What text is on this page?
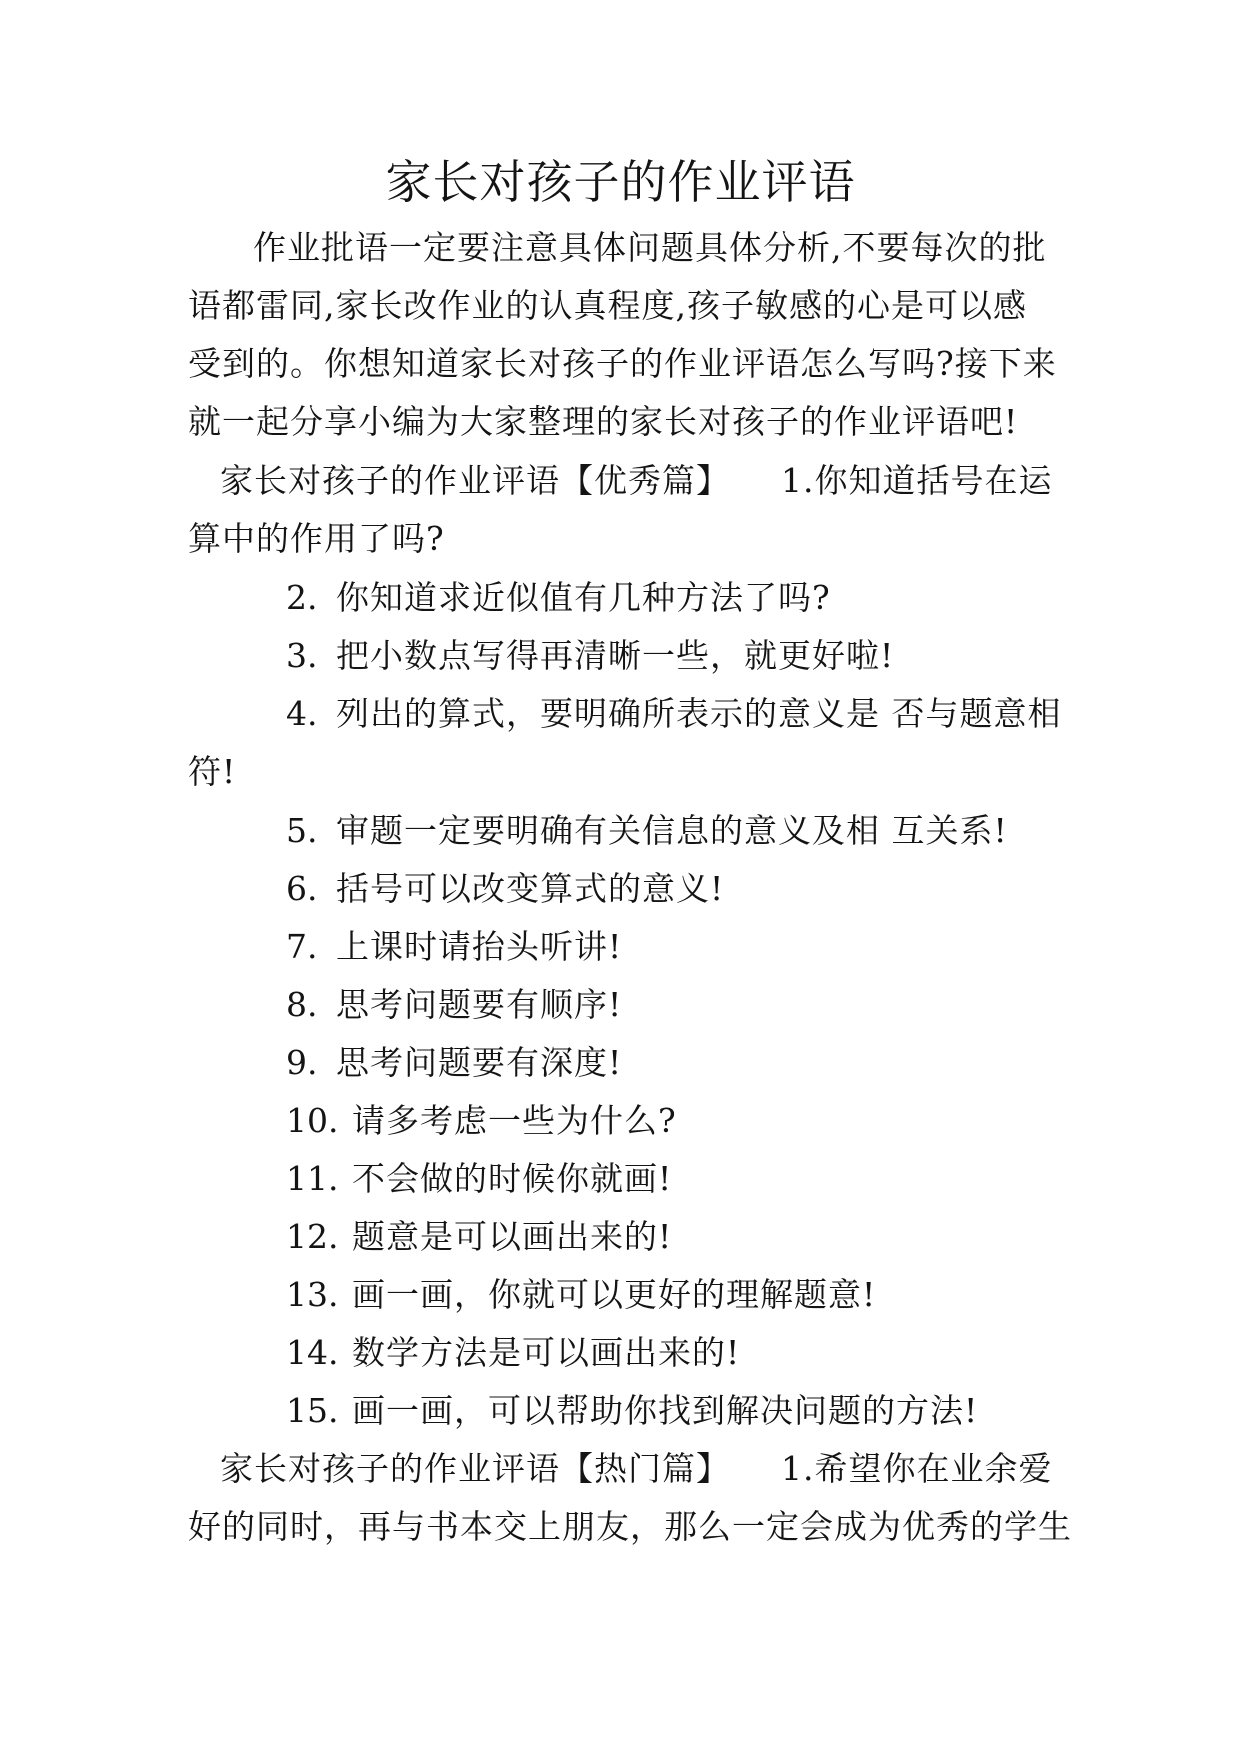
家长对孩子的作业评语
作业批语一定要注意具体问题具体分析,不要每次的批
语都雷同,家长改作业的认真程度,孩子敏感的心是可以感
受到的。你想知道家长对孩子的作业评语怎么写吗?接下来
就一起分享小编为大家整理的家长对孩子的作业评语吧!
家长对孩子的作业评语【优秀篇】 1.你知道括号在运
算中的作用了吗?
2. 你知道求近似值有几种方法了吗?
3. 把小数点写得再清晰一些，就更好啦!
4. 列出的算式，要明确所表示的意义是 否与题意相
符!
5. 审题一定要明确有关信息的意义及相 互关系!
6. 括号可以改变算式的意义!
7. 上课时请抬头听讲!
8. 思考问题要有顺序!
9. 思考问题要有深度!
10. 请多考虑一些为什么?
11. 不会做的时候你就画!
12. 题意是可以画出来的!
13. 画一画，你就可以更好的理解题意!
14. 数学方法是可以画出来的!
15. 画一画，可以帮助你找到解决问题的方法!
家长对孩子的作业评语【热门篇】 1.希望你在业余爱
好的同时，再与书本交上朋友，那么一定会成为优秀的学生
